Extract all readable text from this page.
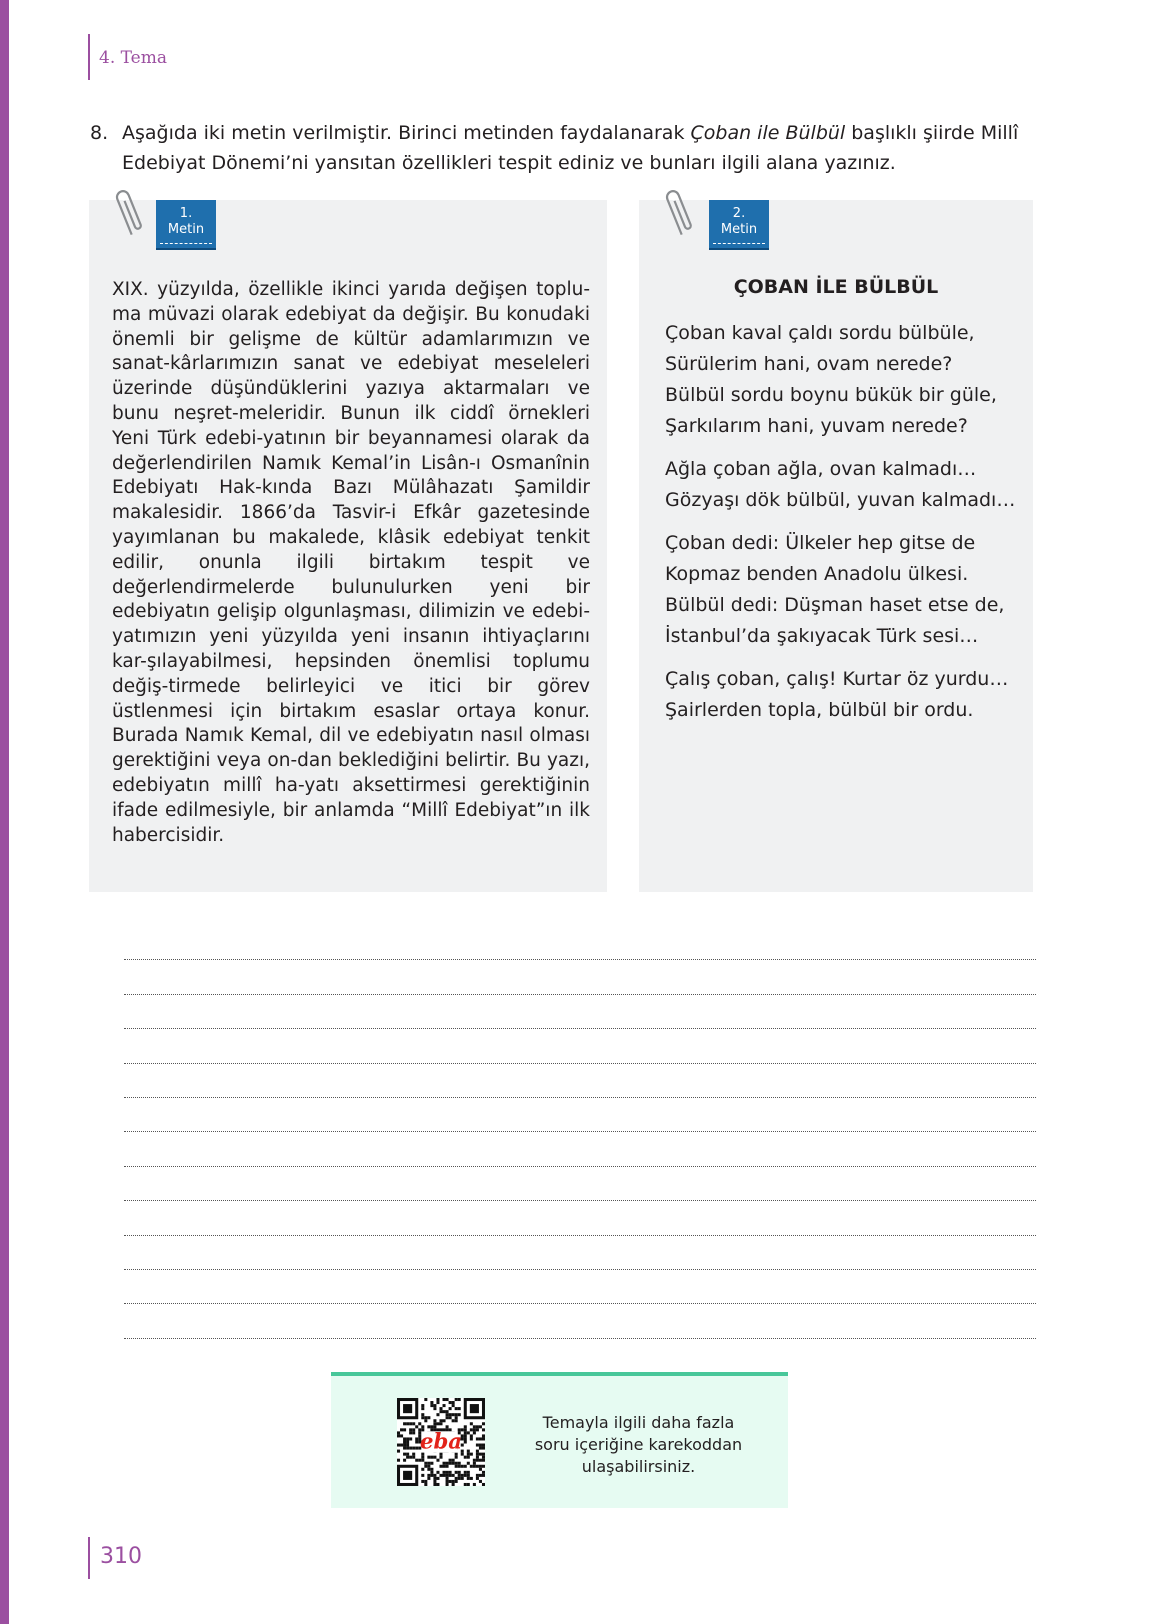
4. Tema
8. Aşağıda iki metin verilmiştir. Birinci metinden faydalanarak Çoban ile Bülbül başlıklı şiirde Millî Edebiyat Dönemi’ni yansıtan özellikleri tespit ediniz ve bunları ilgili alana yazınız.
1.
Metin

XIX. yüzyılda, özellikle ikinci yarıda değişen toplu-ma müvazi olarak edebiyat da değişir. Bu konudaki önemli bir gelişme de kültür adamlarımızın ve sanat-kârlarımızın sanat ve edebiyat meseleleri üzerinde düşündüklerini yazıya aktarmaları ve bunu neşret-meleridir. Bunun ilk ciddî örnekleri Yeni Türk edebi-yatının bir beyannamesi olarak da değerlendirilen Namık Kemal’in Lisân-ı Osmanînin Edebiyatı Hak-kında Bazı Mülâhazatı Şamildir makalesidir. 1866’da Tasvir-i Efkâr gazetesinde yayımlanan bu makalede, klâsik edebiyat tenkit edilir, onunla ilgili birtakım tespit ve değerlendirmelerde bulunulurken yeni bir edebiyatın gelişip olgunlaşması, dilimizin ve edebi-yatımızın yeni yüzyılda yeni insanın ihtiyaçlarını kar-şılayabilmesi, hepsinden önemlisi toplumu değiş-tirmede belirleyici ve itici bir görev üstlenmesi için birtakım esaslar ortaya konur. Burada Namık Kemal, dil ve edebiyatın nasıl olması gerektiğini veya on-dan beklediğini belirtir. Bu yazı, edebiyatın millî ha-yatı aksettirmesi gerektiğinin ifade edilmesiyle, bir anlamda “Millî Edebiyat”ın ilk habercisidir.

2.
Metin
ÇOBAN İLE BÜLBÜL
Çoban kaval çaldı sordu bülbüle,
Sürülerim hani, ovam nerede?
Bülbül sordu boynu bükük bir güle,
Şarkılarım hani, yuvam nerede?
Ağla çoban ağla, ovan kalmadı…
Gözyaşı dök bülbül, yuvan kalmadı…
Çoban dedi: Ülkeler hep gitse de
Kopmaz benden Anadolu ülkesi.
Bülbül dedi: Düşman haset etse de,
İstanbul’da şakıyacak Türk sesi…
Çalış çoban, çalış! Kurtar öz yurdu…
Şairlerden topla, bülbül bir ordu.
eba
Temayla ilgili daha fazla
soru içeriğine karekoddan
ulaşabilirsiniz.
310
